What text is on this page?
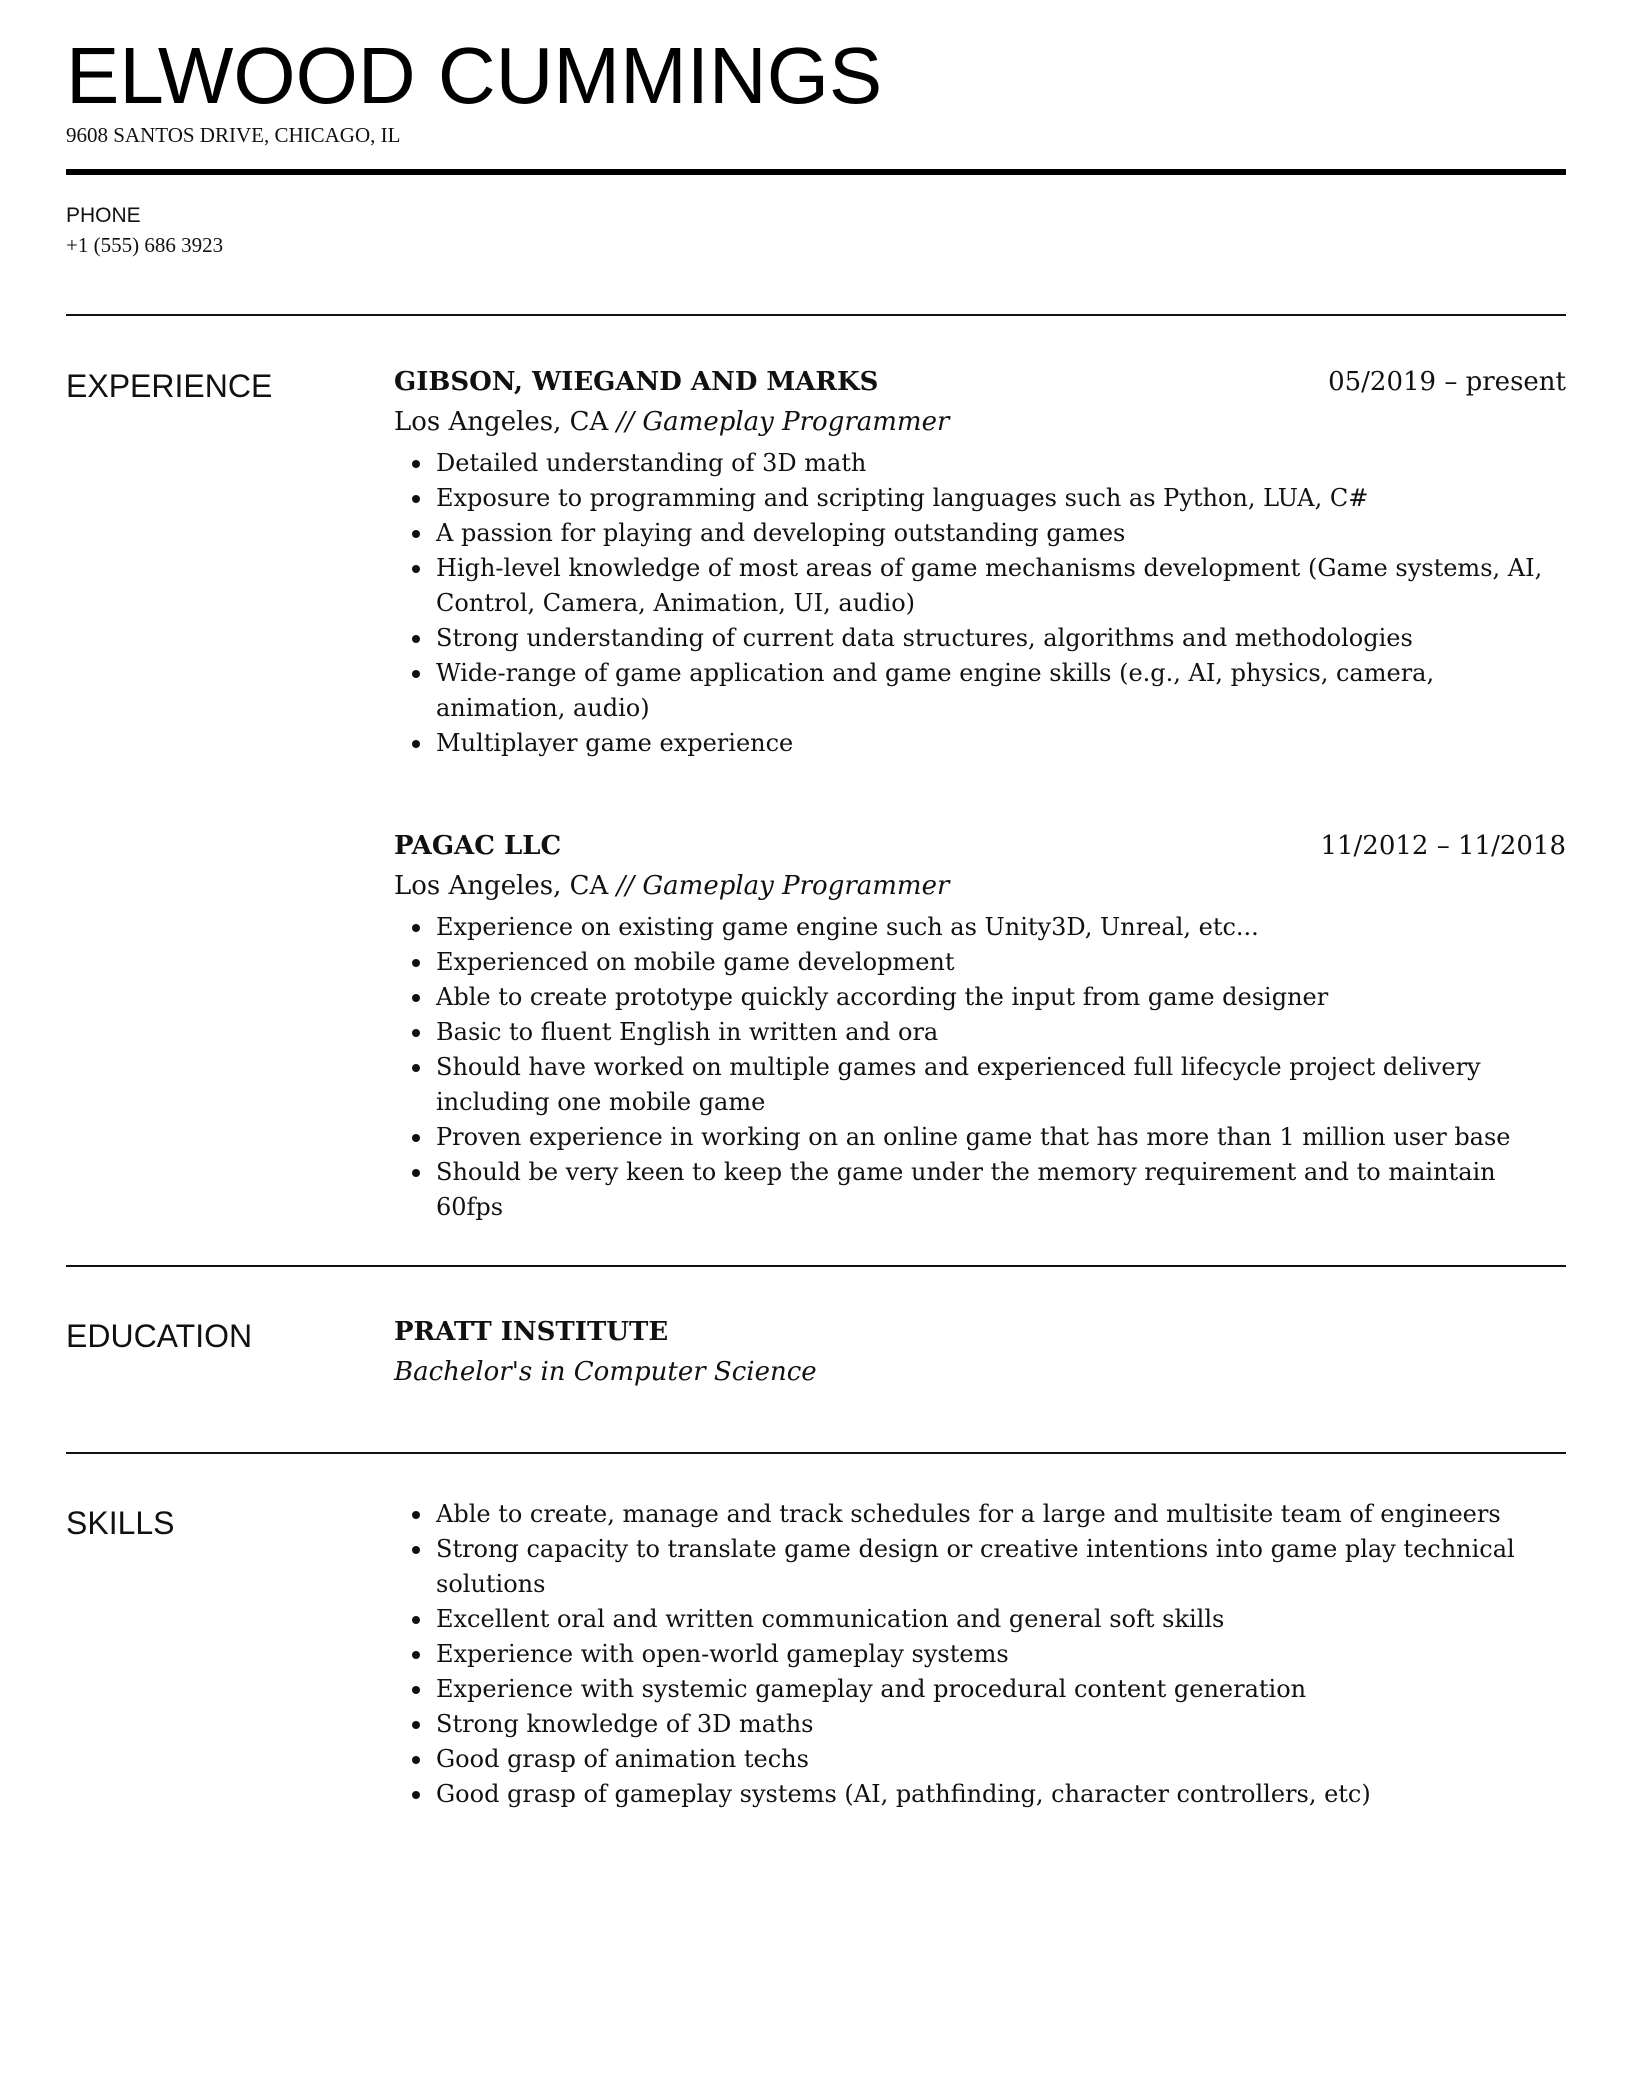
ELWOOD CUMMINGS
9608 SANTOS DRIVE, CHICAGO, IL
PHONE
+1 (555) 686 3923
EXPERIENCE	GIBSON, WIEGAND AND MARKS	05/2019 – present
Los Angeles, CA // Gameplay Programmer
Detailed understanding of 3D math
Exposure to programming and scripting languages such as Python, LUA, C#
A passion for playing and developing outstanding games
High-level knowledge of most areas of game mechanisms development (Game systems, AI, Control, Camera, Animation, UI, audio)
Strong understanding of current data structures, algorithms and methodologies
Wide-range of game application and game engine skills (e.g., AI, physics, camera, animation, audio)
Multiplayer game experience
PAGAC LLC	11/2012 – 11/2018
Los Angeles, CA // Gameplay Programmer
Experience on existing game engine such as Unity3D, Unreal, etc...
Experienced on mobile game development
Able to create prototype quickly according the input from game designer
Basic to fluent English in written and ora
Should have worked on multiple games and experienced full lifecycle project delivery including one mobile game
Proven experience in working on an online game that has more than 1 million user base
Should be very keen to keep the game under the memory requirement and to maintain 60fps
EDUCATION	PRATT INSTITUTE
Bachelor's in Computer Science
SKILLS	Able to create, manage and track schedules for a large and multisite team of engineers
Strong capacity to translate game design or creative intentions into game play technical solutions
Excellent oral and written communication and general soft skills
Experience with open-world gameplay systems
Experience with systemic gameplay and procedural content generation
Strong knowledge of 3D maths
Good grasp of animation techs
Good grasp of gameplay systems (AI, pathfinding, character controllers, etc)
